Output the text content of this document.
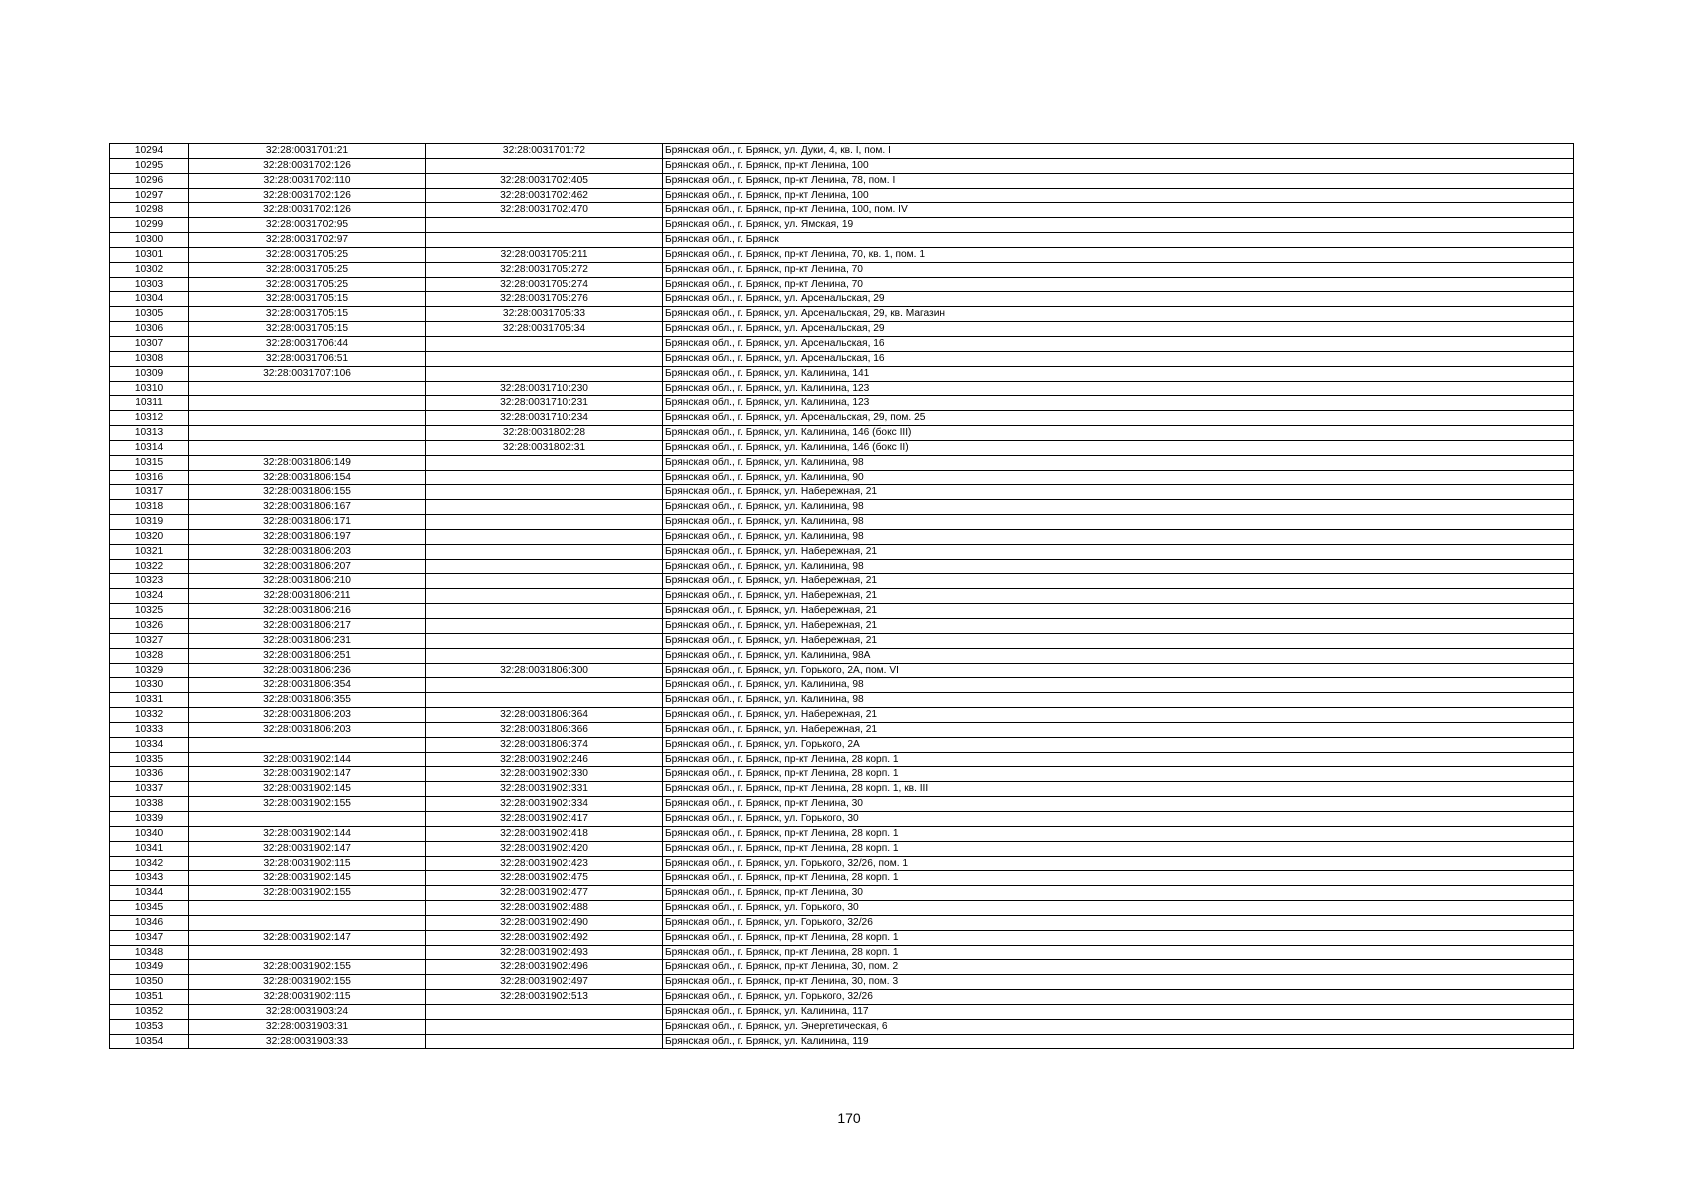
10294	32:28:0031701:21	32:28:0031701:72	Брянская обл., г. Брянск, ул. Дуки, 4, кв. I, пом. I
10295	32:28:0031702:126		Брянская обл., г. Брянск, пр-кт Ленина, 100
10296	32:28:0031702:110	32:28:0031702:405	Брянская обл., г. Брянск, пр-кт Ленина, 78, пом. I
10297	32:28:0031702:126	32:28:0031702:462	Брянская обл., г. Брянск, пр-кт Ленина, 100
10298	32:28:0031702:126	32:28:0031702:470	Брянская обл., г. Брянск, пр-кт Ленина, 100, пом. IV
10299	32:28:0031702:95		Брянская обл., г. Брянск, ул. Ямская, 19
10300	32:28:0031702:97		Брянская обл., г. Брянск
10301	32:28:0031705:25	32:28:0031705:211	Брянская обл., г. Брянск, пр-кт Ленина, 70, кв. 1, пом. 1
10302	32:28:0031705:25	32:28:0031705:272	Брянская обл., г. Брянск, пр-кт Ленина, 70
10303	32:28:0031705:25	32:28:0031705:274	Брянская обл., г. Брянск, пр-кт Ленина, 70
10304	32:28:0031705:15	32:28:0031705:276	Брянская обл., г. Брянск, ул. Арсенальская, 29
10305	32:28:0031705:15	32:28:0031705:33	Брянская обл., г. Брянск, ул. Арсенальская, 29, кв. Магазин
10306	32:28:0031705:15	32:28:0031705:34	Брянская обл., г. Брянск, ул. Арсенальская, 29
10307	32:28:0031706:44		Брянская обл., г. Брянск, ул. Арсенальская, 16
10308	32:28:0031706:51		Брянская обл., г. Брянск, ул. Арсенальская, 16
10309	32:28:0031707:106		Брянская обл., г. Брянск, ул. Калинина, 141
10310		32:28:0031710:230	Брянская обл., г. Брянск, ул. Калинина, 123
10311		32:28:0031710:231	Брянская обл., г. Брянск, ул. Калинина, 123
10312		32:28:0031710:234	Брянская обл., г. Брянск, ул. Арсенальская, 29, пом. 25
10313		32:28:0031802:28	Брянская обл., г. Брянск, ул. Калинина, 146 (бокс III)
10314		32:28:0031802:31	Брянская обл., г. Брянск, ул. Калинина, 146 (бокс II)
10315	32:28:0031806:149		Брянская обл., г. Брянск, ул. Калинина, 98
10316	32:28:0031806:154		Брянская обл., г. Брянск, ул. Калинина, 90
10317	32:28:0031806:155		Брянская обл., г. Брянск, ул. Набережная, 21
10318	32:28:0031806:167		Брянская обл., г. Брянск, ул. Калинина, 98
10319	32:28:0031806:171		Брянская обл., г. Брянск, ул. Калинина, 98
10320	32:28:0031806:197		Брянская обл., г. Брянск, ул. Калинина, 98
10321	32:28:0031806:203		Брянская обл., г. Брянск, ул. Набережная, 21
10322	32:28:0031806:207		Брянская обл., г. Брянск, ул. Калинина, 98
10323	32:28:0031806:210		Брянская обл., г. Брянск, ул. Набережная, 21
10324	32:28:0031806:211		Брянская обл., г. Брянск, ул. Набережная, 21
10325	32:28:0031806:216		Брянская обл., г. Брянск, ул. Набережная, 21
10326	32:28:0031806:217		Брянская обл., г. Брянск, ул. Набережная, 21
10327	32:28:0031806:231		Брянская обл., г. Брянск, ул. Набережная, 21
10328	32:28:0031806:251		Брянская обл., г. Брянск, ул. Калинина, 98А
10329	32:28:0031806:236	32:28:0031806:300	Брянская обл., г. Брянск, ул. Горького, 2А, пом. VI
10330	32:28:0031806:354		Брянская обл., г. Брянск, ул. Калинина, 98
10331	32:28:0031806:355		Брянская обл., г. Брянск, ул. Калинина, 98
10332	32:28:0031806:203	32:28:0031806:364	Брянская обл., г. Брянск, ул. Набережная, 21
10333	32:28:0031806:203	32:28:0031806:366	Брянская обл., г. Брянск, ул. Набережная, 21
10334		32:28:0031806:374	Брянская обл., г. Брянск, ул. Горького, 2А
10335	32:28:0031902:144	32:28:0031902:246	Брянская обл., г. Брянск, пр-кт Ленина, 28 корп. 1
10336	32:28:0031902:147	32:28:0031902:330	Брянская обл., г. Брянск, пр-кт Ленина, 28 корп. 1
10337	32:28:0031902:145	32:28:0031902:331	Брянская обл., г. Брянск, пр-кт Ленина, 28 корп. 1, кв. III
10338	32:28:0031902:155	32:28:0031902:334	Брянская обл., г. Брянск, пр-кт Ленина, 30
10339		32:28:0031902:417	Брянская обл., г. Брянск, ул. Горького, 30
10340	32:28:0031902:144	32:28:0031902:418	Брянская обл., г. Брянск, пр-кт Ленина, 28 корп. 1
10341	32:28:0031902:147	32:28:0031902:420	Брянская обл., г. Брянск, пр-кт Ленина, 28 корп. 1
10342	32:28:0031902:115	32:28:0031902:423	Брянская обл., г. Брянск, ул. Горького, 32/26, пом. 1
10343	32:28:0031902:145	32:28:0031902:475	Брянская обл., г. Брянск, пр-кт Ленина, 28 корп. 1
10344	32:28:0031902:155	32:28:0031902:477	Брянская обл., г. Брянск, пр-кт Ленина, 30
10345		32:28:0031902:488	Брянская обл., г. Брянск, ул. Горького, 30
10346		32:28:0031902:490	Брянская обл., г. Брянск, ул. Горького, 32/26
10347	32:28:0031902:147	32:28:0031902:492	Брянская обл., г. Брянск, пр-кт Ленина, 28 корп. 1
10348		32:28:0031902:493	Брянская обл., г. Брянск, пр-кт Ленина, 28 корп. 1
10349	32:28:0031902:155	32:28:0031902:496	Брянская обл., г. Брянск, пр-кт Ленина, 30, пом. 2
10350	32:28:0031902:155	32:28:0031902:497	Брянская обл., г. Брянск, пр-кт Ленина, 30, пом. 3
10351	32:28:0031902:115	32:28:0031902:513	Брянская обл., г. Брянск, ул. Горького, 32/26
10352	32:28:0031903:24		Брянская обл., г. Брянск, ул. Калинина, 117
10353	32:28:0031903:31		Брянская обл., г. Брянск, ул. Энергетическая, 6
10354	32:28:0031903:33		Брянская обл., г. Брянск, ул. Калинина, 119
170
